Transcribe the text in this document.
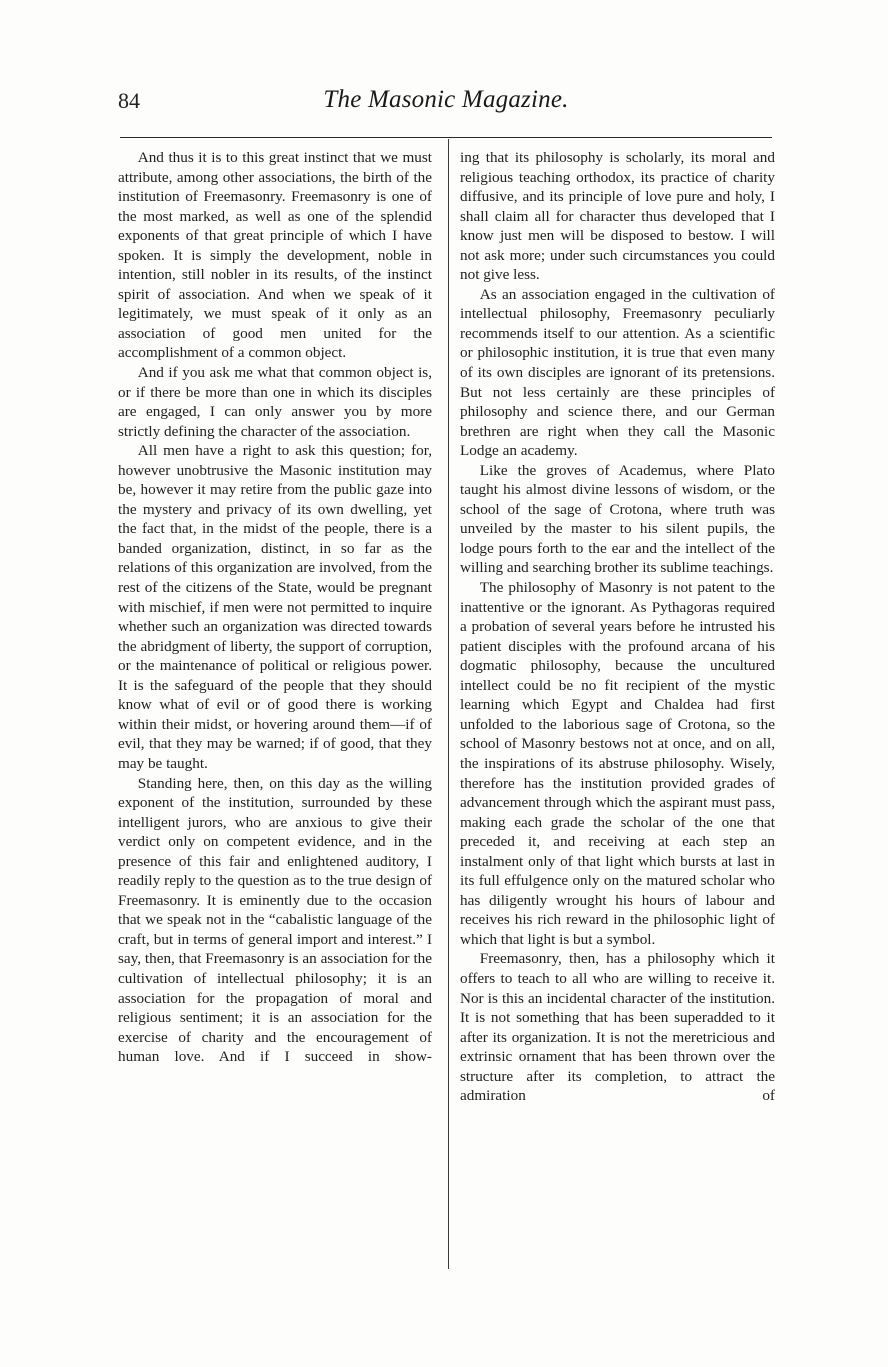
84	The Masonic Magazine.

And thus it is to this great instinct that we must attribute, among other associations, the birth of the institution of Freemasonry. Freemasonry is one of the most marked, as well as one of the splendid exponents of that great principle of which I have spoken. It is simply the development, noble in intention, still nobler in its results, of the instinct spirit of association. And when we speak of it legitimately, we must speak of it only as an association of good men united for the accomplishment of a common object.

And if you ask me what that common object is, or if there be more than one in which its disciples are engaged, I can only answer you by more strictly defining the character of the association.

All men have a right to ask this question; for, however unobtrusive the Masonic institution may be, however it may retire from the public gaze into the mystery and privacy of its own dwelling, yet the fact that, in the midst of the people, there is a banded organization, distinct, in so far as the relations of this organization are involved, from the rest of the citizens of the State, would be pregnant with mischief, if men were not permitted to inquire whether such an organization was directed towards the abridgment of liberty, the support of corruption, or the maintenance of political or religious power. It is the safeguard of the people that they should know what of evil or of good there is working within their midst, or hovering around them—if of evil, that they may be warned; if of good, that they may be taught.

Standing here, then, on this day as the willing exponent of the institution, surrounded by these intelligent jurors, who are anxious to give their verdict only on competent evidence, and in the presence of this fair and enlightened auditory, I readily reply to the question as to the true design of Freemasonry. It is eminently due to the occasion that we speak not in the “cabalistic language of the craft, but in terms of general import and interest.” I say, then, that Freemasonry is an association for the cultivation of intellectual philosophy; it is an association for the propagation of moral and religious sentiment; it is an association for the exercise of charity and the encouragement of human love. And if I succeed in show-

ing that its philosophy is scholarly, its moral and religious teaching orthodox, its practice of charity diffusive, and its principle of love pure and holy, I shall claim all for character thus developed that I know just men will be disposed to bestow. I will not ask more; under such circumstances you could not give less.

As an association engaged in the cultivation of intellectual philosophy, Freemasonry peculiarly recommends itself to our attention. As a scientific or philosophic institution, it is true that even many of its own disciples are ignorant of its pretensions. But not less certainly are these principles of philosophy and science there, and our German brethren are right when they call the Masonic Lodge an academy.

Like the groves of Academus, where Plato taught his almost divine lessons of wisdom, or the school of the sage of Crotona, where truth was unveiled by the master to his silent pupils, the lodge pours forth to the ear and the intellect of the willing and searching brother its sublime teachings.

The philosophy of Masonry is not patent to the inattentive or the ignorant. As Pythagoras required a probation of several years before he intrusted his patient disciples with the profound arcana of his dogmatic philosophy, because the uncultured intellect could be no fit recipient of the mystic learning which Egypt and Chaldea had first unfolded to the laborious sage of Crotona, so the school of Masonry bestows not at once, and on all, the inspirations of its abstruse philosophy. Wisely, therefore has the institution provided grades of advancement through which the aspirant must pass, making each grade the scholar of the one that preceded it, and receiving at each step an instalment only of that light which bursts at last in its full effulgence only on the matured scholar who has diligently wrought his hours of labour and receives his rich reward in the philosophic light of which that light is but a symbol.

Freemasonry, then, has a philosophy which it offers to teach to all who are willing to receive it. Nor is this an incidental character of the institution. It is not something that has been superadded to it after its organization. It is not the meretricious and extrinsic ornament that has been thrown over the structure after its completion, to attract the admiration of
